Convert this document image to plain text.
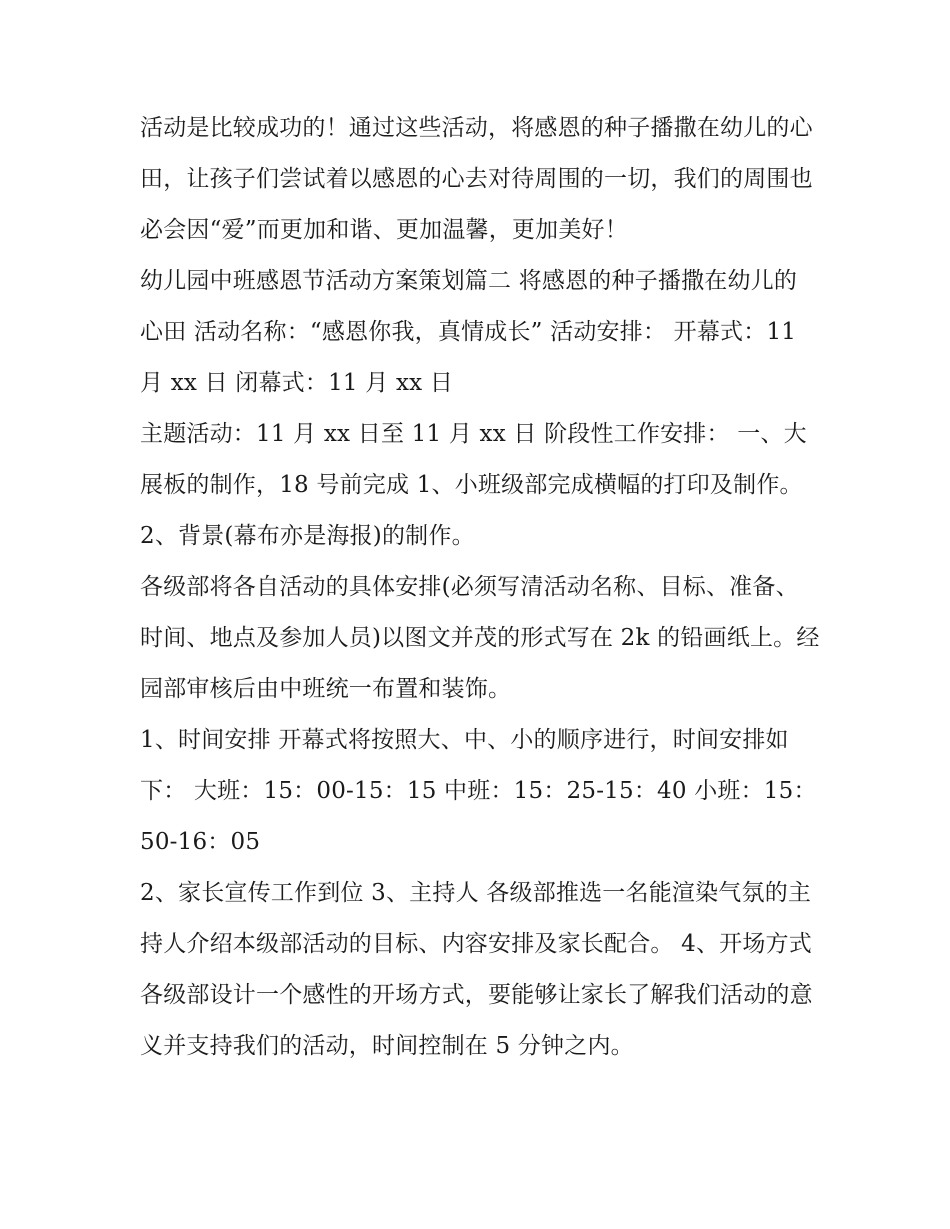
活动是比较成功的！通过这些活动，将感恩的种子播撒在幼儿的心田，让孩子们尝试着以感恩的心去对待周围的一切，我们的周围也必会因“爱”而更加和谐、更加温馨，更加美好！

幼儿园中班感恩节活动方案策划篇二 将感恩的种子播撒在幼儿的心田 活动名称：“感恩你我，真情成长” 活动安排： 开幕式：11 月 xx 日 闭幕式：11 月 xx 日

主题活动：11 月 xx 日至 11 月 xx 日 阶段性工作安排： 一、大展板的制作，18 号前完成 1、小班级部完成横幅的打印及制作。 2、背景(幕布亦是海报)的制作。

各级部将各自活动的具体安排(必须写清活动名称、目标、准备、时间、地点及参加人员)以图文并茂的形式写在 2k 的铅画纸上。经园部审核后由中班统一布置和装饰。

1、时间安排 开幕式将按照大、中、小的顺序进行，时间安排如下： 大班：15：00-15：15 中班：15：25-15：40 小班：15：50-16：05

2、家长宣传工作到位 3、主持人 各级部推选一名能渲染气氛的主持人介绍本级部活动的目标、内容安排及家长配合。 4、开场方式

各级部设计一个感性的开场方式，要能够让家长了解我们活动的意义并支持我们的活动，时间控制在 5 分钟之内。
